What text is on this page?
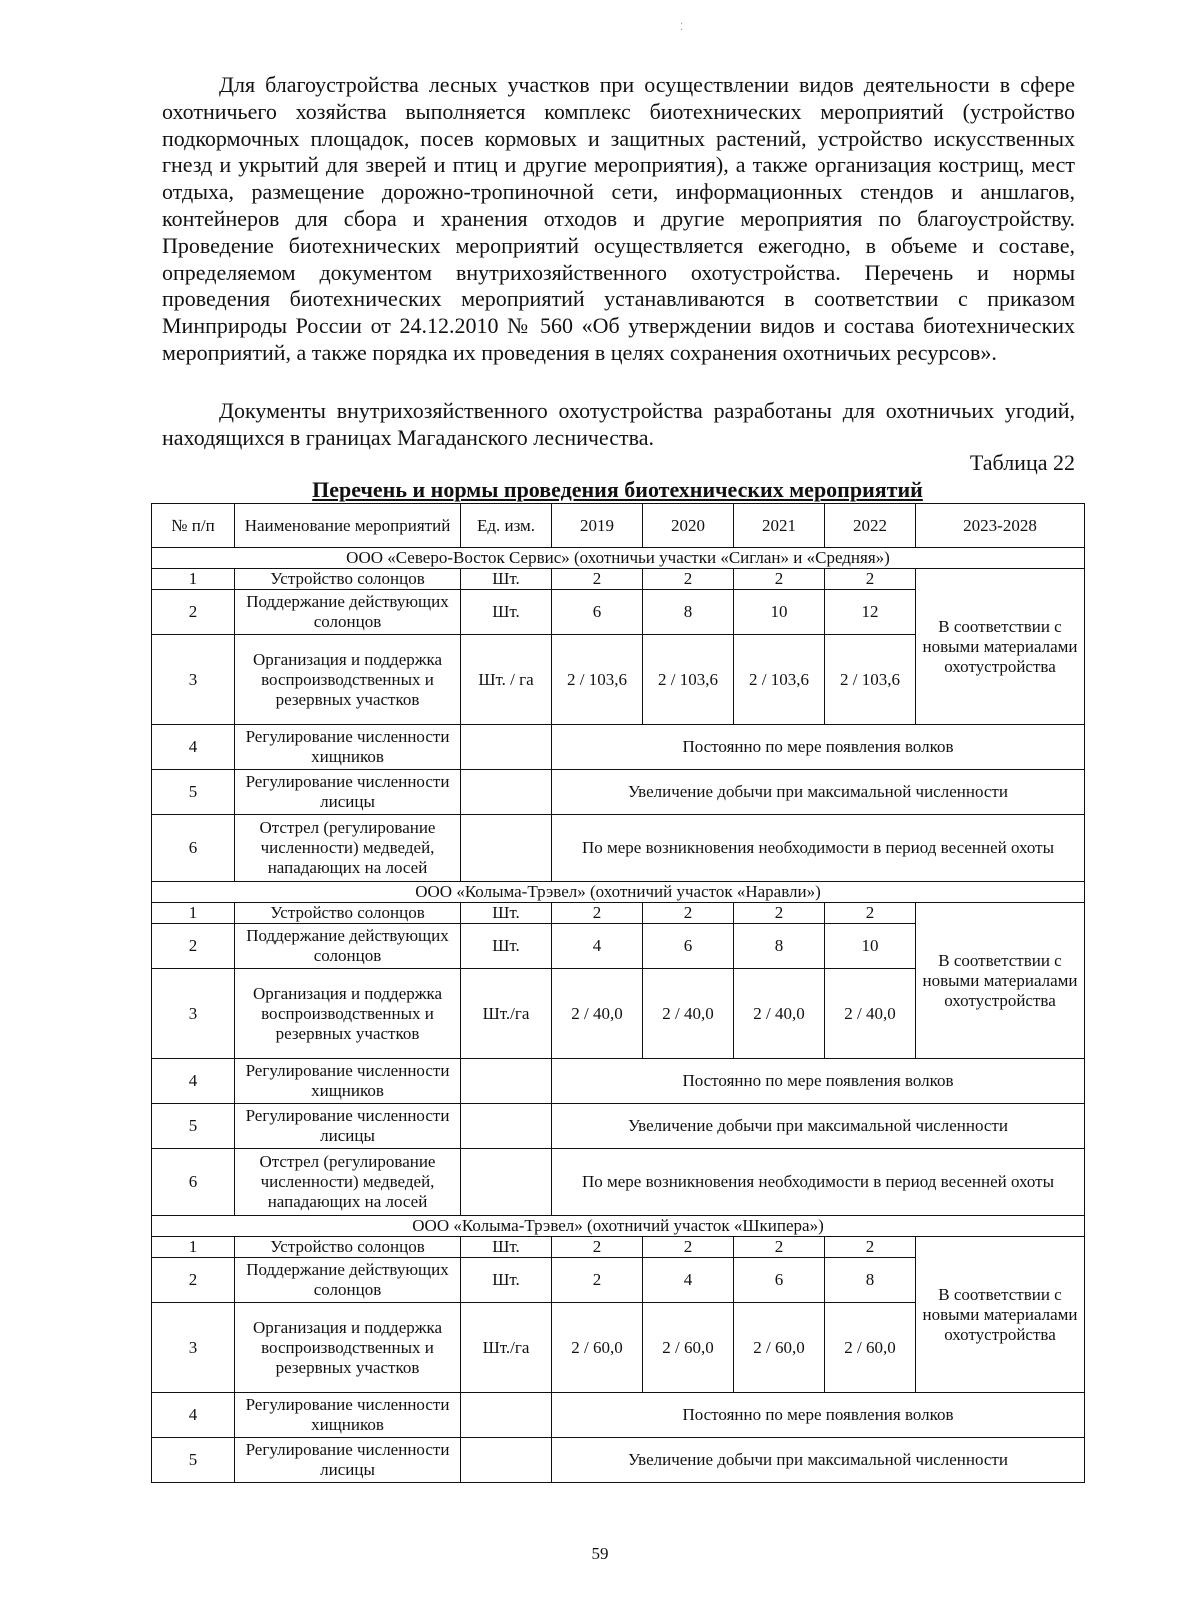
⁚

Для благоустройства лесных участков при осуществлении видов деятельности в сфере охотничьего хозяйства выполняется комплекс биотехнических мероприятий (устройство подкормочных площадок, посев кормовых и защитных растений, устройство искусственных гнезд и укрытий для зверей и птиц и другие мероприятия), а также организация кострищ, мест отдыха, размещение дорожно-тропиночной сети, информационных стендов и аншлагов, контейнеров для сбора и хранения отходов и другие мероприятия по благоустройству. Проведение биотехнических мероприятий осуществляется ежегодно, в объеме и составе, определяемом документом внутрихозяйственного охотустройства. Перечень и нормы проведения биотехнических мероприятий устанавливаются в соответствии с приказом Минприроды России от 24.12.2010 № 560 «Об утверждении видов и состава биотехнических мероприятий, а также порядка их проведения в целях сохранения охотничьих ресурсов».

Документы внутрихозяйственного охотустройства разработаны для охотничьих угодий, находящихся в границах Магаданского лесничества.

Таблица 22
Перечень и нормы проведения биотехнических мероприятий
№ п/п	Наименование мероприятий	Ед. изм.	2019	2020	2021	2022	2023-2028
ООО «Северо-Восток Сервис» (охотничьи участки «Сиглан» и «Средняя»)							
1	Устройство солонцов	Шт.	2	2	2	2	В соответствии с новыми материалами охотустройства
2	Поддержание действующих солонцов	Шт.	6	8	10	12	
3	Организация и поддержка воспроизводственных и резервных участков	Шт. / га	2 / 103,6	2 / 103,6	2 / 103,6	2 / 103,6	
4	Регулирование численности хищников		Постоянно по мере появления волков				
5	Регулирование численности лисицы		Увеличение добычи при максимальной численности				
6	Отстрел (регулирование численности) медведей, нападающих на лосей		По мере возникновения необходимости в период весенней охоты				
ООО «Колыма-Трэвел» (охотничий участок «Наравли»)							
1	Устройство солонцов	Шт.	2	2	2	2	В соответствии с новыми материалами охотустройства
2	Поддержание действующих солонцов	Шт.	4	6	8	10	
3	Организация и поддержка воспроизводственных и резервных участков	Шт./га	2 / 40,0	2 / 40,0	2 / 40,0	2 / 40,0	
4	Регулирование численности хищников		Постоянно по мере появления волков				
5	Регулирование численности лисицы		Увеличение добычи при максимальной численности				
6	Отстрел (регулирование численности) медведей, нападающих на лосей		По мере возникновения необходимости в период весенней охоты				
ООО «Колыма-Трэвел» (охотничий участок «Шкипера»)							
1	Устройство солонцов	Шт.	2	2	2	2	В соответствии с новыми материалами охотустройства
2	Поддержание действующих солонцов	Шт.	2	4	6	8	
3	Организация и поддержка воспроизводственных и резервных участков	Шт./га	2 / 60,0	2 / 60,0	2 / 60,0	2 / 60,0	
4	Регулирование численности хищников		Постоянно по мере появления волков				
5	Регулирование численности лисицы		Увеличение добычи при максимальной численности				
59
